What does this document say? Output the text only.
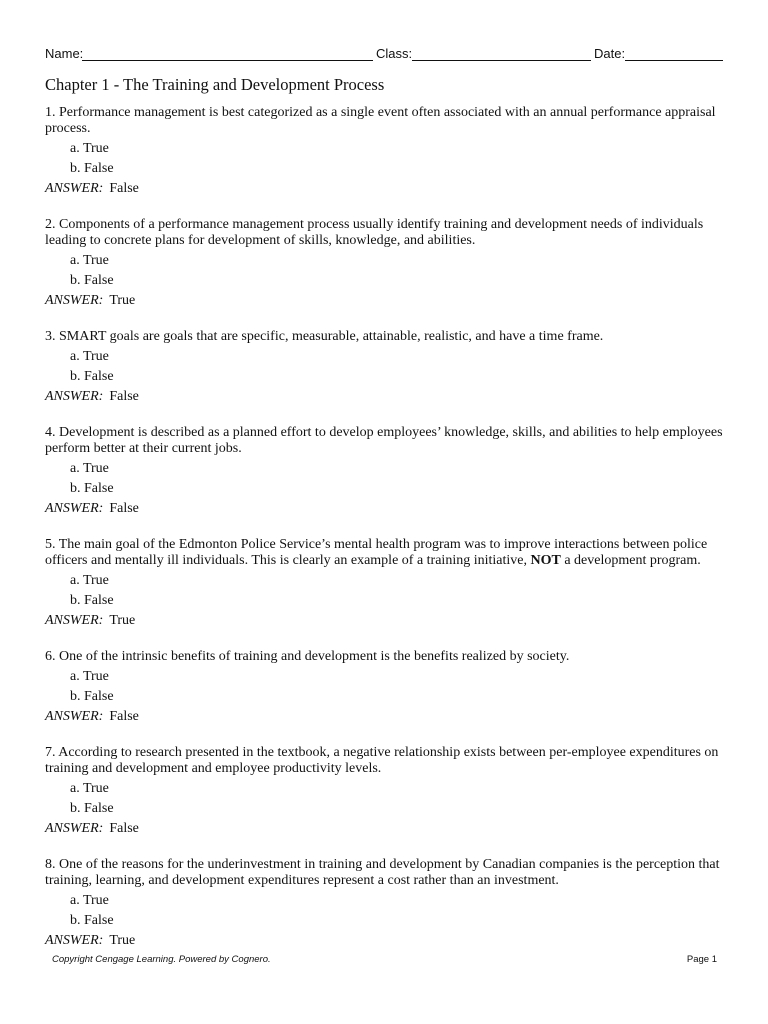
Name:	Class:	Date:
Chapter 1 - The Training and Development Process

1. Performance management is best categorized as a single event often associated with an annual performance appraisal process.

a. True

b. False

ANSWER: False

2. Components of a performance management process usually identify training and development needs of individuals leading to concrete plans for development of skills, knowledge, and abilities.

a. True

b. False

ANSWER: True

3. SMART goals are goals that are specific, measurable, attainable, realistic, and have a time frame.

a. True

b. False

ANSWER: False

4. Development is described as a planned effort to develop employees’ knowledge, skills, and abilities to help employees perform better at their current jobs.

a. True

b. False

ANSWER: False

5. The main goal of the Edmonton Police Service’s mental health program was to improve interactions between police officers and mentally ill individuals. This is clearly an example of a training initiative, NOT a development program.

a. True

b. False

ANSWER: True

6. One of the intrinsic benefits of training and development is the benefits realized by society.

a. True

b. False

ANSWER: False

7. According to research presented in the textbook, a negative relationship exists between per-employee expenditures on training and development and employee productivity levels.

a. True

b. False

ANSWER: False

8. One of the reasons for the underinvestment in training and development by Canadian companies is the perception that training, learning, and development expenditures represent a cost rather than an investment.

a. True

b. False

ANSWER: True

Copyright Cengage Learning. Powered by Cognero.	Page 1
